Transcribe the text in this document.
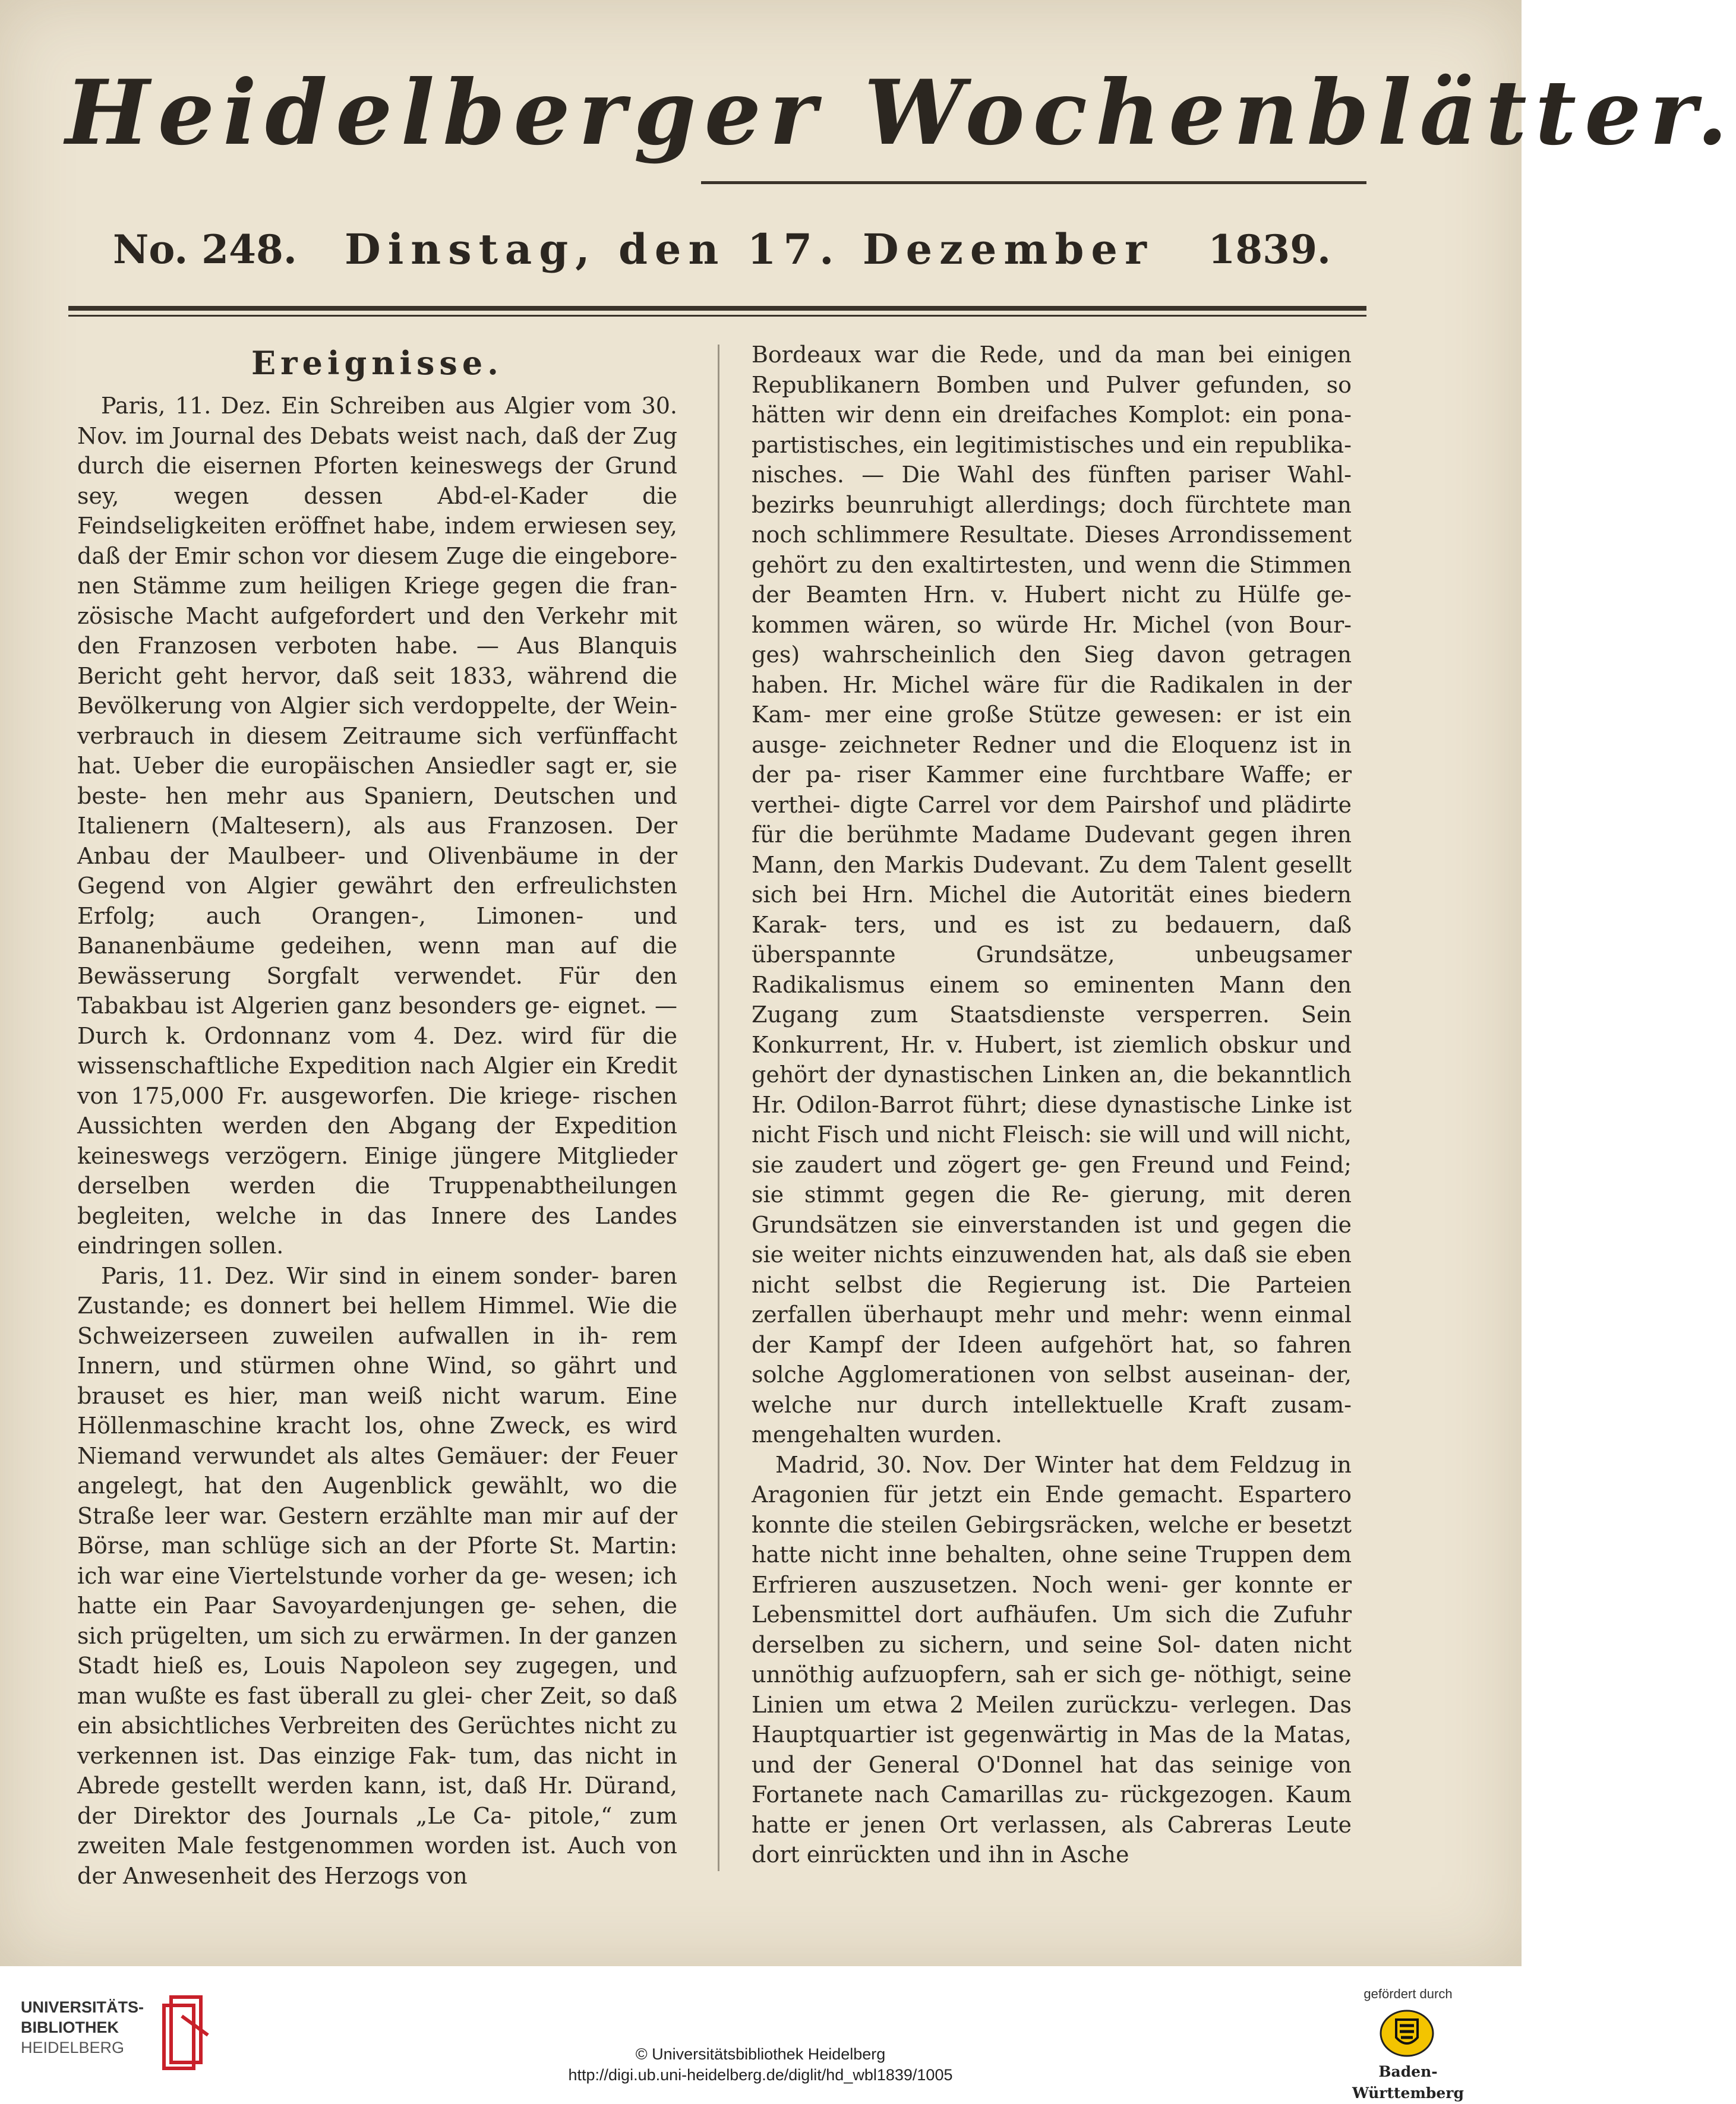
Heidelberger Wochenblätter.
No. 248. Dinstag, den 17. Dezember 1839.
Ereignisse.

Paris, 11. Dez. Ein Schreiben aus Algier vom 30. Nov. im Journal des Debats weist nach, daß der Zug durch die eisernen Pforten keineswegs der Grund sey, wegen dessen Abd-el-Kader die Feindseligkeiten eröffnet habe, indem erwiesen sey, daß der Emir schon vor diesem Zuge die eingebore- nen Stämme zum heiligen Kriege gegen die fran- zösische Macht aufgefordert und den Verkehr mit den Franzosen verboten habe. — Aus Blanquis Bericht geht hervor, daß seit 1833, während die Bevölkerung von Algier sich verdoppelte, der Wein- verbrauch in diesem Zeitraume sich verfünffacht hat. Ueber die europäischen Ansiedler sagt er, sie beste- hen mehr aus Spaniern, Deutschen und Italienern (Maltesern), als aus Franzosen. Der Anbau der Maulbeer- und Olivenbäume in der Gegend von Algier gewährt den erfreulichsten Erfolg; auch Orangen-, Limonen- und Bananenbäume gedeihen, wenn man auf die Bewässerung Sorgfalt verwendet. Für den Tabakbau ist Algerien ganz besonders ge- eignet. — Durch k. Ordonnanz vom 4. Dez. wird für die wissenschaftliche Expedition nach Algier ein Kredit von 175,000 Fr. ausgeworfen. Die kriege- rischen Aussichten werden den Abgang der Expedition keineswegs verzögern. Einige jüngere Mitglieder derselben werden die Truppenabtheilungen begleiten, welche in das Innere des Landes eindringen sollen.

Paris, 11. Dez. Wir sind in einem sonder- baren Zustande; es donnert bei hellem Himmel. Wie die Schweizerseen zuweilen aufwallen in ih- rem Innern, und stürmen ohne Wind, so gährt und brauset es hier, man weiß nicht warum. Eine Höllenmaschine kracht los, ohne Zweck, es wird Niemand verwundet als altes Gemäuer: der Feuer angelegt, hat den Augenblick gewählt, wo die Straße leer war. Gestern erzählte man mir auf der Börse, man schlüge sich an der Pforte St. Martin: ich war eine Viertelstunde vorher da ge- wesen; ich hatte ein Paar Savoyardenjungen ge- sehen, die sich prügelten, um sich zu erwärmen. In der ganzen Stadt hieß es, Louis Napoleon sey zugegen, und man wußte es fast überall zu glei- cher Zeit, so daß ein absichtliches Verbreiten des Gerüchtes nicht zu verkennen ist. Das einzige Fak- tum, das nicht in Abrede gestellt werden kann, ist, daß Hr. Dürand, der Direktor des Journals „Le Ca- pitole,“ zum zweiten Male festgenommen worden ist. Auch von der Anwesenheit des Herzogs von

Bordeaux war die Rede, und da man bei einigen Republikanern Bomben und Pulver gefunden, so hätten wir denn ein dreifaches Komplot: ein pona- partistisches, ein legitimistisches und ein republika- nisches. — Die Wahl des fünften pariser Wahl- bezirks beunruhigt allerdings; doch fürchtete man noch schlimmere Resultate. Dieses Arrondissement gehört zu den exaltirtesten, und wenn die Stimmen der Beamten Hrn. v. Hubert nicht zu Hülfe ge- kommen wären, so würde Hr. Michel (von Bour- ges) wahrscheinlich den Sieg davon getragen haben. Hr. Michel wäre für die Radikalen in der Kam- mer eine große Stütze gewesen: er ist ein ausge- zeichneter Redner und die Eloquenz ist in der pa- riser Kammer eine furchtbare Waffe; er verthei- digte Carrel vor dem Pairshof und plädirte für die berühmte Madame Dudevant gegen ihren Mann, den Markis Dudevant. Zu dem Talent gesellt sich bei Hrn. Michel die Autorität eines biedern Karak- ters, und es ist zu bedauern, daß überspannte Grundsätze, unbeugsamer Radikalismus einem so eminenten Mann den Zugang zum Staatsdienste versperren. Sein Konkurrent, Hr. v. Hubert, ist ziemlich obskur und gehört der dynastischen Linken an, die bekanntlich Hr. Odilon-Barrot führt; diese dynastische Linke ist nicht Fisch und nicht Fleisch: sie will und will nicht, sie zaudert und zögert ge- gen Freund und Feind; sie stimmt gegen die Re- gierung, mit deren Grundsätzen sie einverstanden ist und gegen die sie weiter nichts einzuwenden hat, als daß sie eben nicht selbst die Regierung ist. Die Parteien zerfallen überhaupt mehr und mehr: wenn einmal der Kampf der Ideen aufgehört hat, so fahren solche Agglomerationen von selbst auseinan- der, welche nur durch intellektuelle Kraft zusam- mengehalten wurden.

Madrid, 30. Nov. Der Winter hat dem Feldzug in Aragonien für jetzt ein Ende gemacht. Espartero konnte die steilen Gebirgsräcken, welche er besetzt hatte nicht inne behalten, ohne seine Truppen dem Erfrieren auszusetzen. Noch weni- ger konnte er Lebensmittel dort aufhäufen. Um sich die Zufuhr derselben zu sichern, und seine Sol- daten nicht unnöthig aufzuopfern, sah er sich ge- nöthigt, seine Linien um etwa 2 Meilen zurückzu- verlegen. Das Hauptquartier ist gegenwärtig in Mas de la Matas, und der General O'Donnel hat das seinige von Fortanete nach Camarillas zu- rückgezogen. Kaum hatte er jenen Ort verlassen, als Cabreras Leute dort einrückten und ihn in Asche

UNIVERSITÄTS-
BIBLIOTHEK
HEIDELBERG	© Universitätsbibliothek Heidelberg
http://digi.ub.uni-heidelberg.de/diglit/hd_wbl1839/1005
gefördert durch
Baden-Württemberg
